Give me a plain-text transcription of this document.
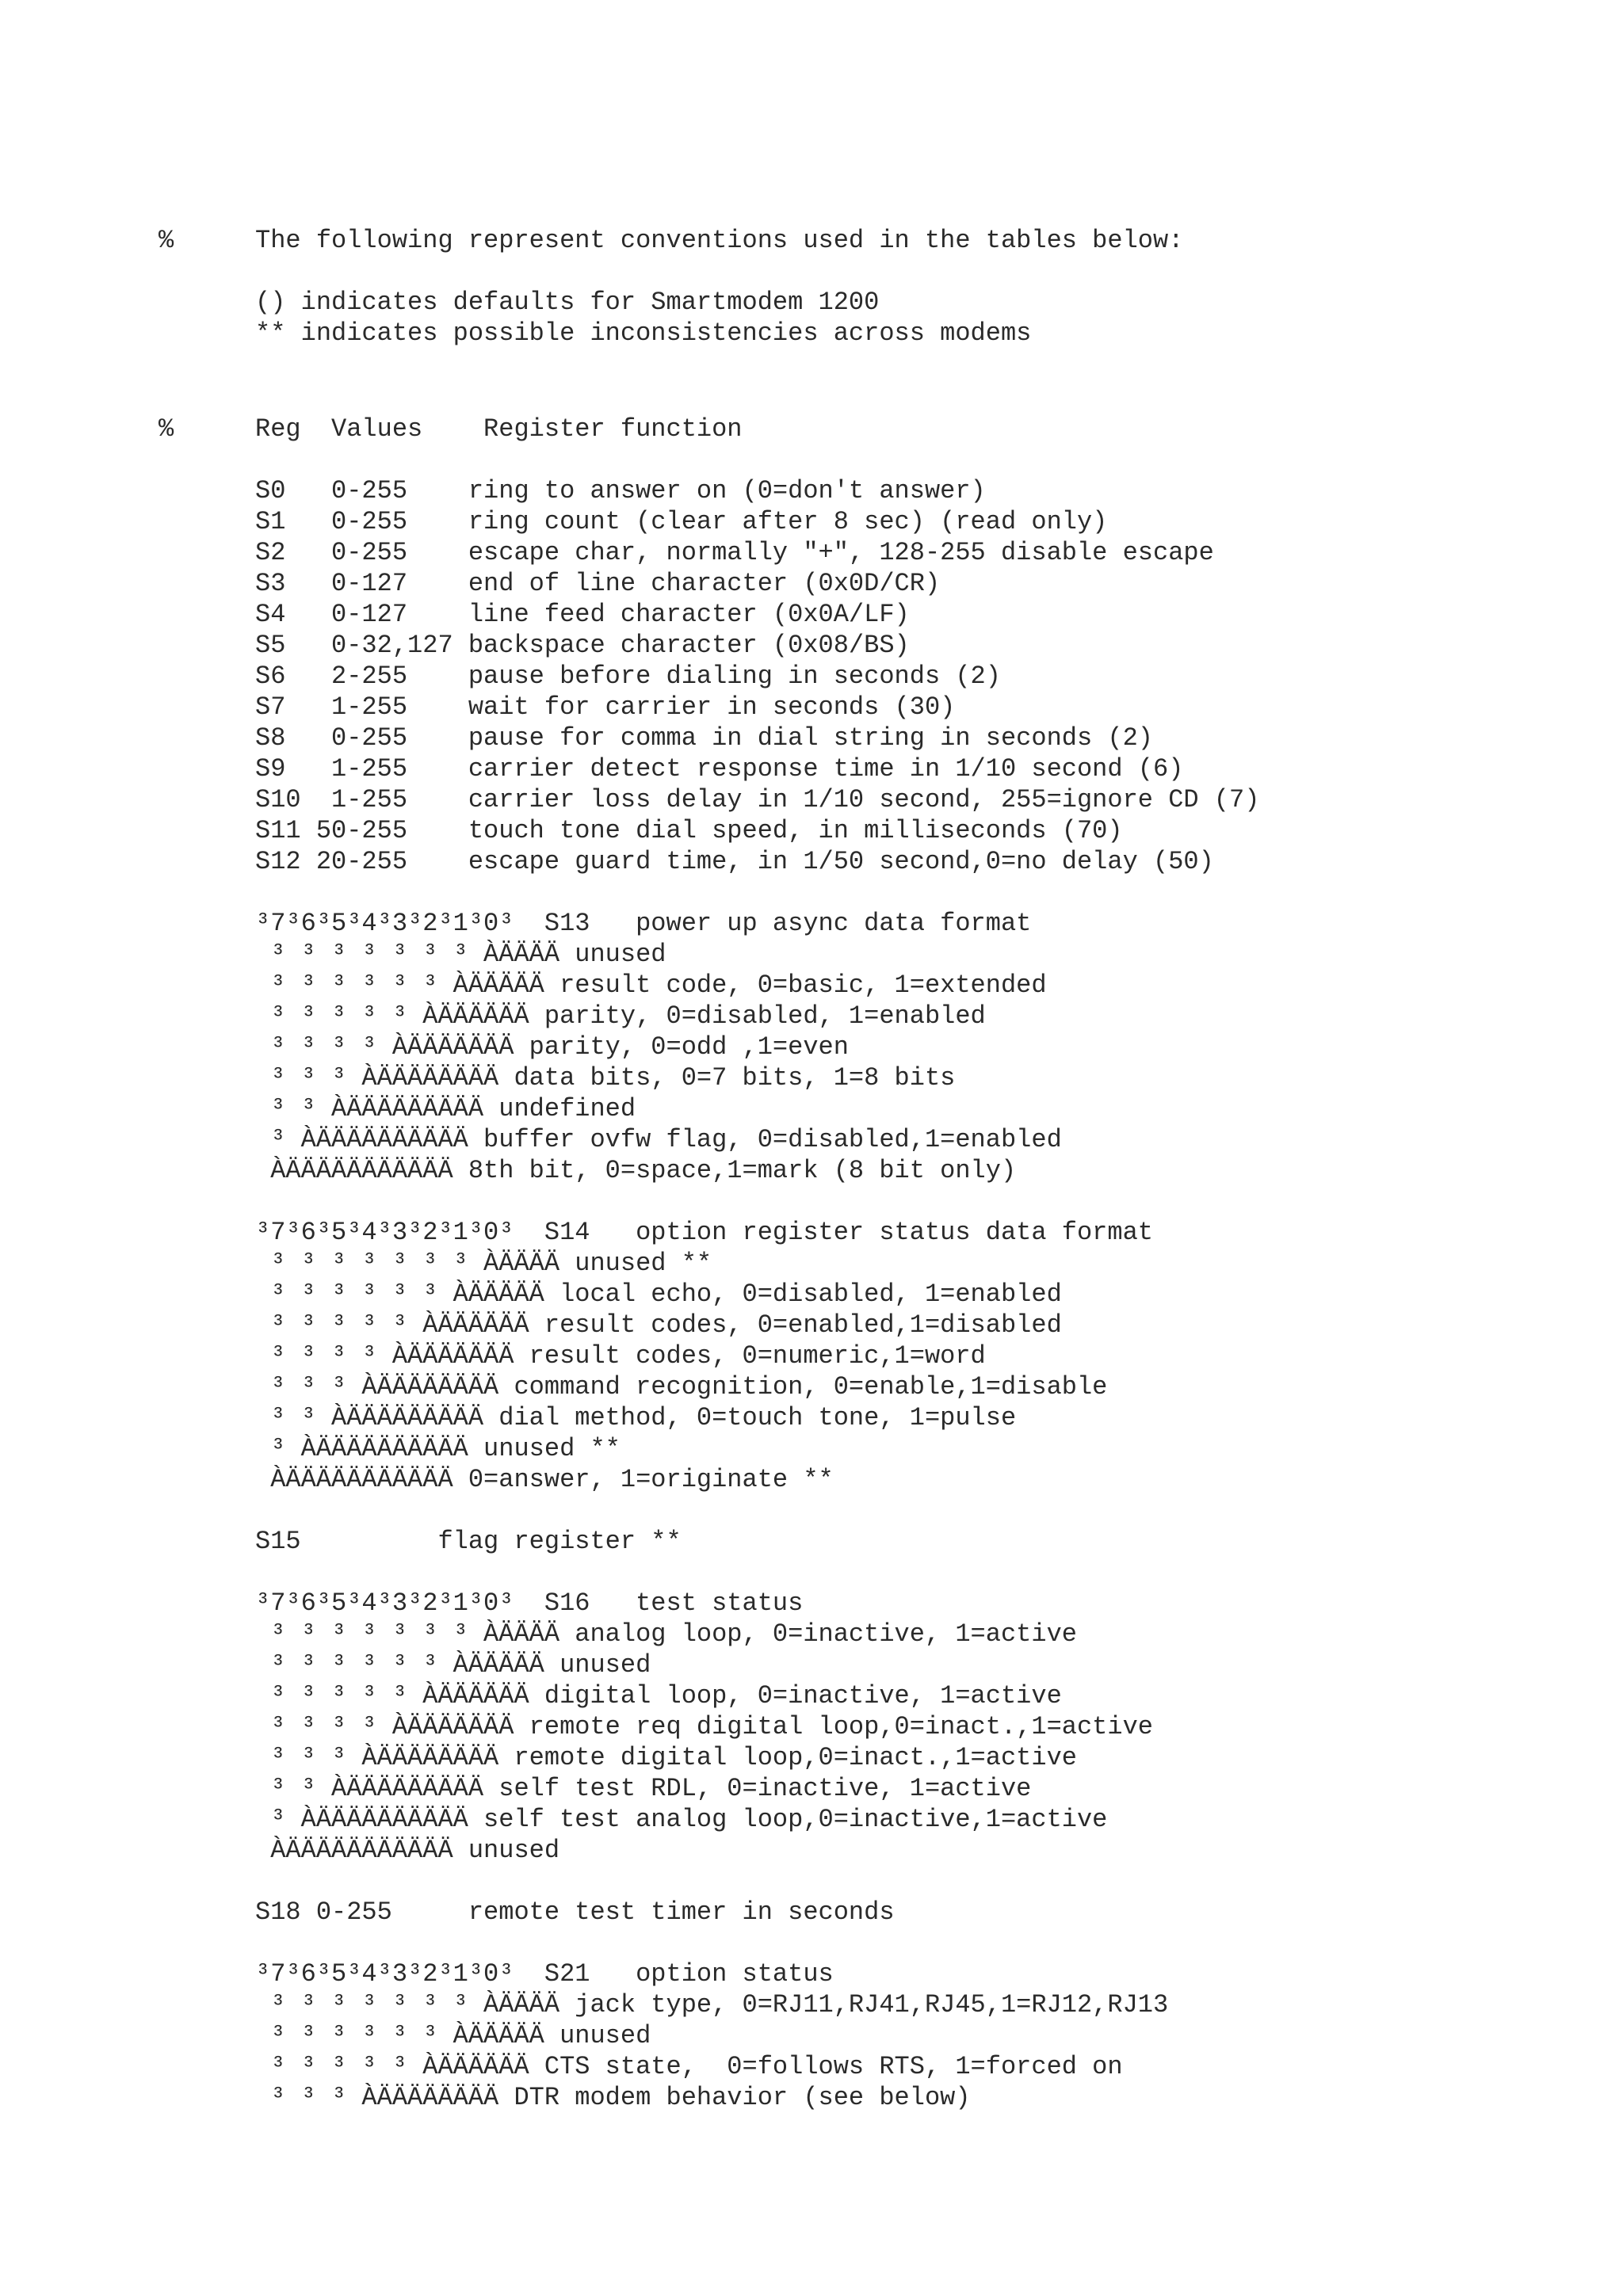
%	The following represent conventions used in the tables below:
() indicates defaults for Smartmodem 1200
** indicates possible inconsistencies across modems
%	Reg  Values    Register function
S0   0-255    ring to answer on (0=don't answer)
S1   0-255    ring count (clear after 8 sec) (read only)
S2   0-255    escape char, normally "+", 128-255 disable escape
S3   0-127    end of line character (0x0D/CR)
S4   0-127    line feed character (0x0A/LF)
S5   0-32,127 backspace character (0x08/BS)
S6   2-255    pause before dialing in seconds (2)
S7   1-255    wait for carrier in seconds (30)
S8   0-255    pause for comma in dial string in seconds (2)
S9   1-255    carrier detect response time in 1/10 second (6)
S10  1-255    carrier loss delay in 1/10 second, 255=ignore CD (7)
S11 50-255    touch tone dial speed, in milliseconds (70)
S12 20-255    escape guard time, in 1/50 second,0=no delay (50)
³7³6³5³4³3³2³1³0³  S13   power up async data format
³ ³ ³ ³ ³ ³ ³ ÀÄÄÄÄ unused
³ ³ ³ ³ ³ ³ ÀÄÄÄÄÄ result code, 0=basic, 1=extended
³ ³ ³ ³ ³ ÀÄÄÄÄÄÄ parity, 0=disabled, 1=enabled
³ ³ ³ ³ ÀÄÄÄÄÄÄÄ parity, 0=odd ,1=even
³ ³ ³ ÀÄÄÄÄÄÄÄÄ data bits, 0=7 bits, 1=8 bits
³ ³ ÀÄÄÄÄÄÄÄÄÄ undefined
³ ÀÄÄÄÄÄÄÄÄÄÄ buffer ovfw flag, 0=disabled,1=enabled
ÀÄÄÄÄÄÄÄÄÄÄÄ 8th bit, 0=space,1=mark (8 bit only)
³7³6³5³4³3³2³1³0³  S14   option register status data format
³ ³ ³ ³ ³ ³ ³ ÀÄÄÄÄ unused **
³ ³ ³ ³ ³ ³ ÀÄÄÄÄÄ local echo, 0=disabled, 1=enabled
³ ³ ³ ³ ³ ÀÄÄÄÄÄÄ result codes, 0=enabled,1=disabled
³ ³ ³ ³ ÀÄÄÄÄÄÄÄ result codes, 0=numeric,1=word
³ ³ ³ ÀÄÄÄÄÄÄÄÄ command recognition, 0=enable,1=disable
³ ³ ÀÄÄÄÄÄÄÄÄÄ dial method, 0=touch tone, 1=pulse
³ ÀÄÄÄÄÄÄÄÄÄÄ unused **
ÀÄÄÄÄÄÄÄÄÄÄÄ 0=answer, 1=originate **
S15         flag register **
³7³6³5³4³3³2³1³0³  S16   test status
³ ³ ³ ³ ³ ³ ³ ÀÄÄÄÄ analog loop, 0=inactive, 1=active
³ ³ ³ ³ ³ ³ ÀÄÄÄÄÄ unused
³ ³ ³ ³ ³ ÀÄÄÄÄÄÄ digital loop, 0=inactive, 1=active
³ ³ ³ ³ ÀÄÄÄÄÄÄÄ remote req digital loop,0=inact.,1=active
³ ³ ³ ÀÄÄÄÄÄÄÄÄ remote digital loop,0=inact.,1=active
³ ³ ÀÄÄÄÄÄÄÄÄÄ self test RDL, 0=inactive, 1=active
³ ÀÄÄÄÄÄÄÄÄÄÄ self test analog loop,0=inactive,1=active
ÀÄÄÄÄÄÄÄÄÄÄÄ unused
S18 0-255     remote test timer in seconds
³7³6³5³4³3³2³1³0³  S21   option status
³ ³ ³ ³ ³ ³ ³ ÀÄÄÄÄ jack type, 0=RJ11,RJ41,RJ45,1=RJ12,RJ13
³ ³ ³ ³ ³ ³ ÀÄÄÄÄÄ unused
³ ³ ³ ³ ³ ÀÄÄÄÄÄÄ CTS state,  0=follows RTS, 1=forced on
³ ³ ³ ÀÄÄÄÄÄÄÄÄ DTR modem behavior (see below)
